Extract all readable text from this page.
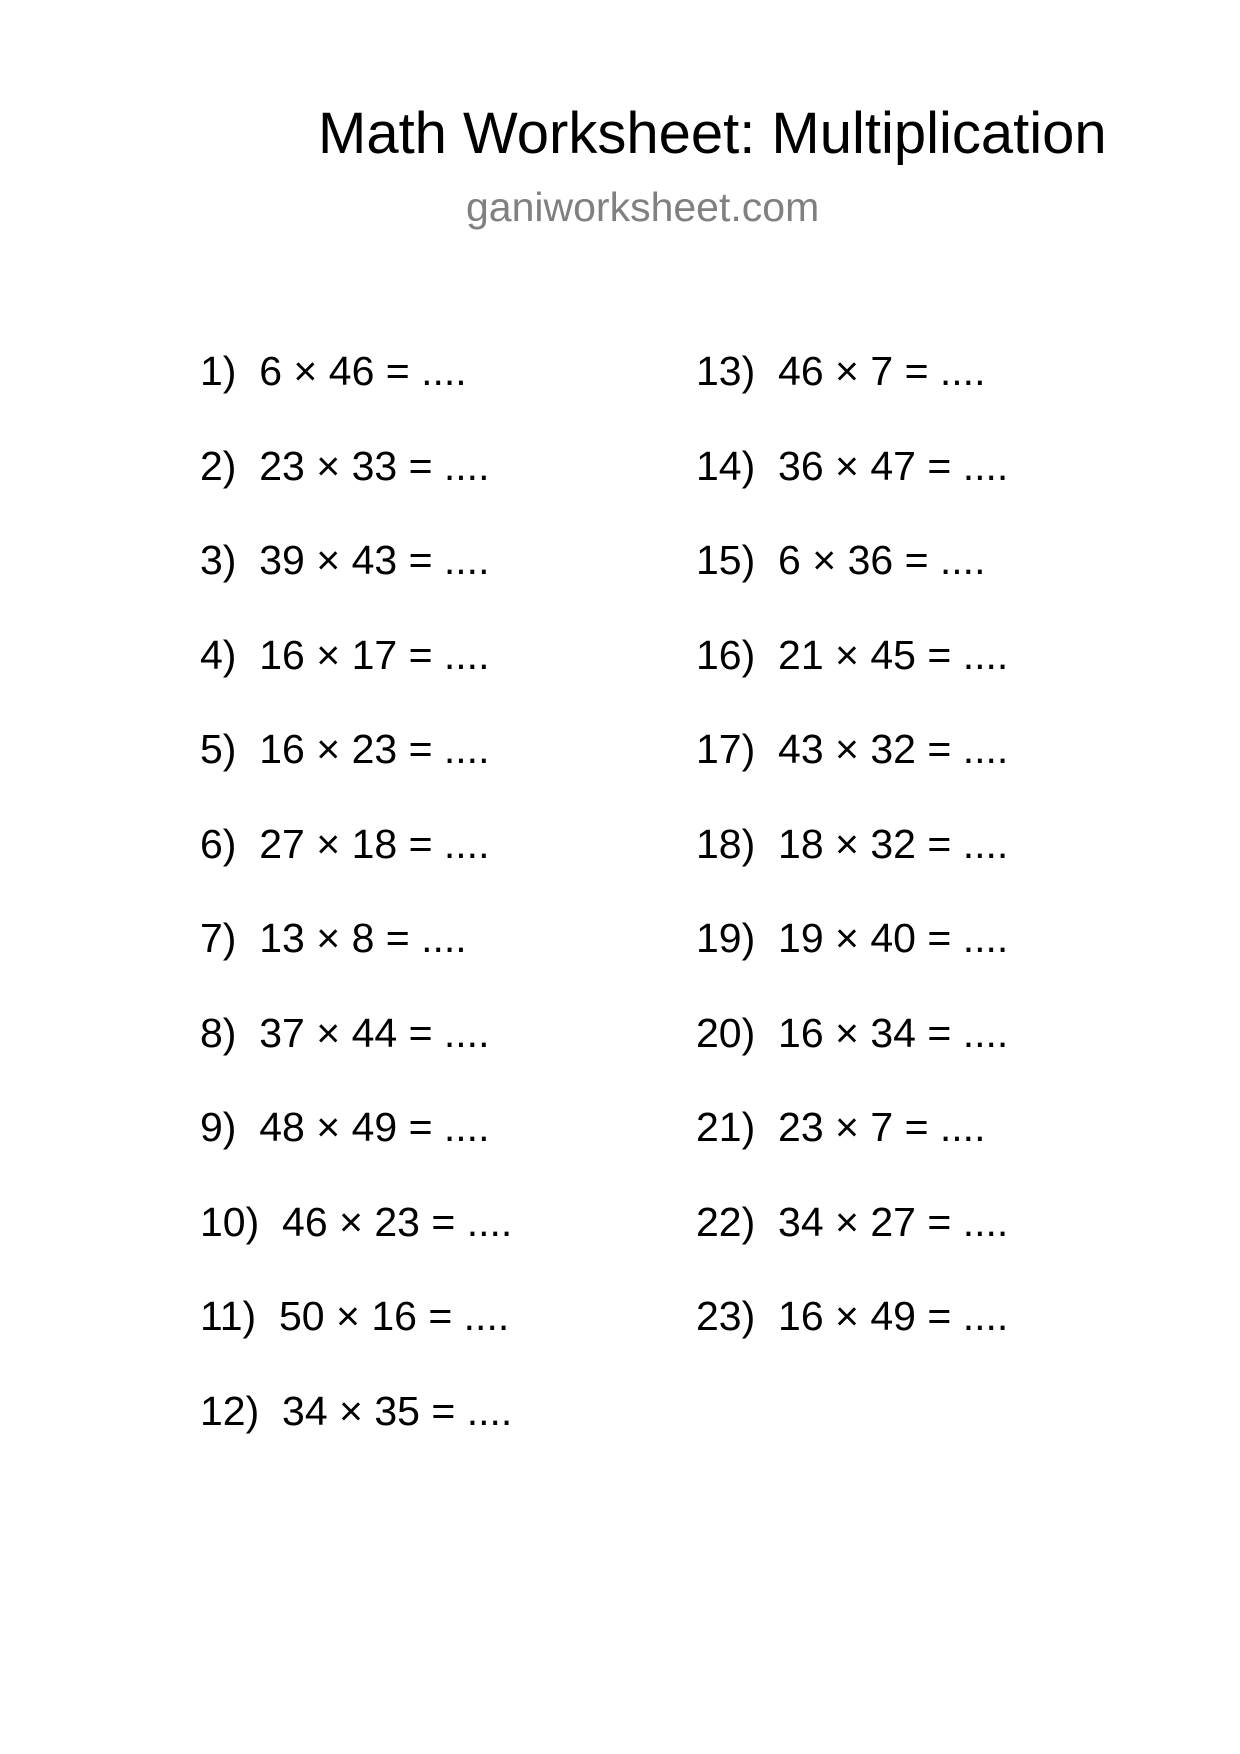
Math Worksheet: Multiplication
ganiworksheet.com
1)  6 × 46 = ....
2)  23 × 33 = ....
3)  39 × 43 = ....
4)  16 × 17 = ....
5)  16 × 23 = ....
6)  27 × 18 = ....
7)  13 × 8 = ....
8)  37 × 44 = ....
9)  48 × 49 = ....
10)  46 × 23 = ....
11)  50 × 16 = ....
12)  34 × 35 = ....
13)  46 × 7 = ....
14)  36 × 47 = ....
15)  6 × 36 = ....
16)  21 × 45 = ....
17)  43 × 32 = ....
18)  18 × 32 = ....
19)  19 × 40 = ....
20)  16 × 34 = ....
21)  23 × 7 = ....
22)  34 × 27 = ....
23)  16 × 49 = ....
